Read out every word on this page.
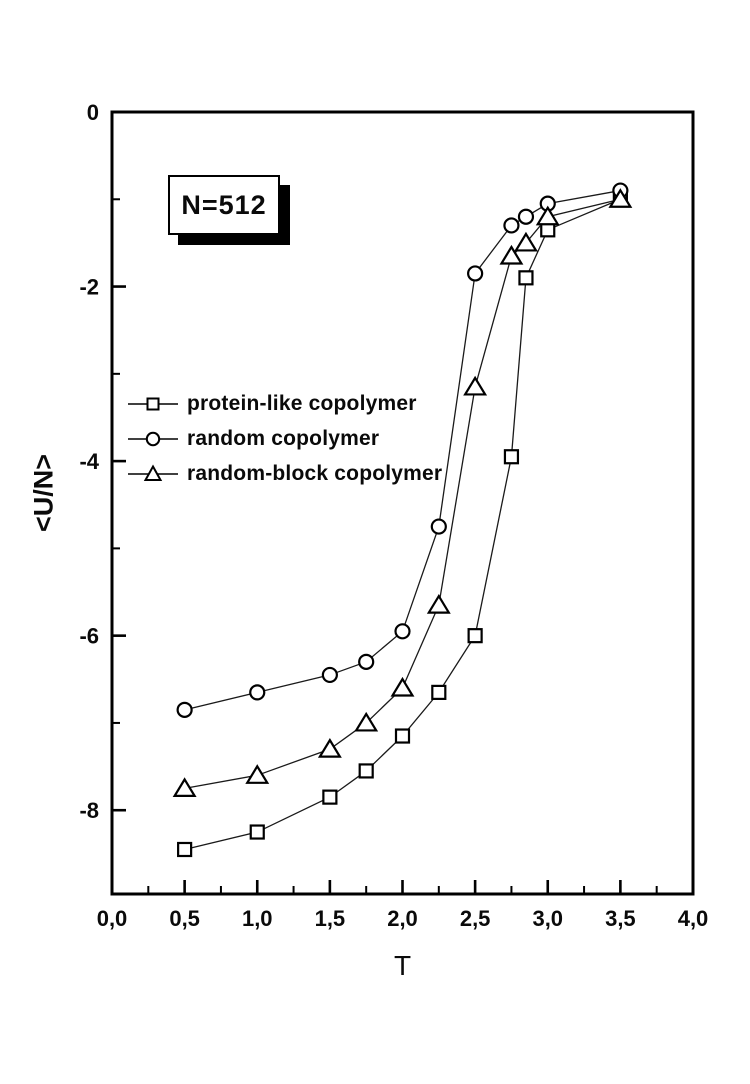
0,0 0,5 1,0 1,5 2,0 2,5 3,0 3,5 4,0
0
-2
-4
-6
-8
N=512
protein-like copolymer
random copolymer
random-block copolymer
T
<U/N>
